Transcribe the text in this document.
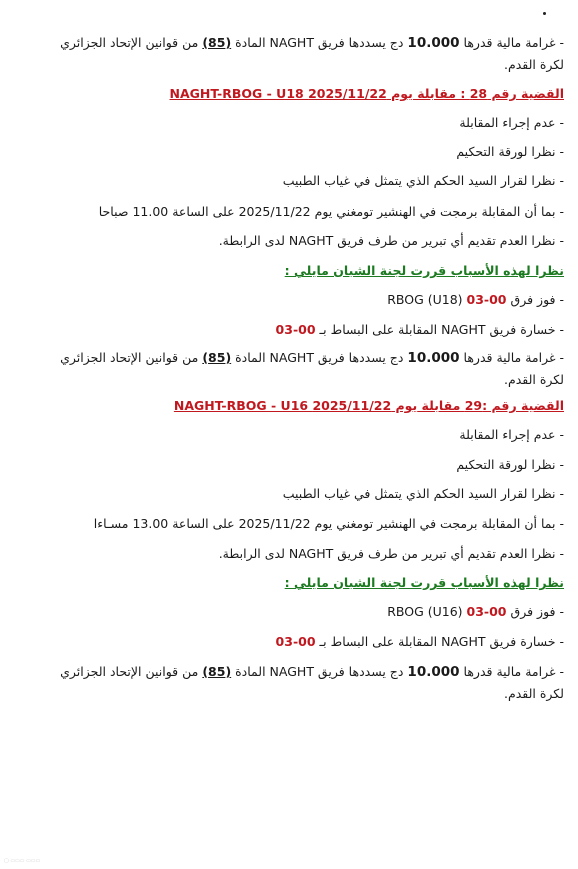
- غرامة مالية قدرها 10.000 دج يسددها فريق NAGHT المادة (85) من قوانين الإتحاد الجزائري لكرة القدم.
القضية رقم 28 : مقابلة NAGHT-RBOG - U18 يوم 2025/11/22
- عدم إجراء المقابلة
- نظرا لورقة التحكيم
- نظرا لقرار السيد الحكم الذي يتمثل في غياب الطبيب
- بما أن المقابلة برمجت في الهنشير تومغني يوم 2025/11/22 على الساعة 11.00 صباحا
- نظرا العدم تقديم أي تبرير من طرف فريق NAGHT لدى الرابطة.
نظرا لهذه الأسباب قررت لجنة الشبان مايلي :
- فوز فرق RBOG (U18) 03-00
- خسارة فريق NAGHT المقابلة على البساط بـ 00-03
- غرامة مالية قدرها 10.000 دج يسددها فريق NAGHT المادة (85) من قوانين الإتحاد الجزائري لكرة القدم.
القضية رقم :29 مقابلة NAGHT-RBOG - U16 يوم 2025/11/22
- عدم إجراء المقابلة
- نظرا لورقة التحكيم
- نظرا لقرار السيد الحكم الذي يتمثل في غياب الطبيب
- بما أن المقابلة برمجت في الهنشير تومغني يوم 2025/11/22 على الساعة 13.00 مسـاءا
- نظرا العدم تقديم أي تبرير من طرف فريق NAGHT لدى الرابطة.
نظرا لهذه الأسباب قررت لجنة الشبان مايلي :
- فوز فرق RBOG (U16) 03-00
- خسارة فريق NAGHT المقابلة على البساط بـ 00-03
- غرامة مالية قدرها 10.000 دج يسددها فريق NAGHT المادة (85) من قوانين الإتحاد الجزائري لكرة القدم.
▢ ▭▭▭ ▭▭▭
